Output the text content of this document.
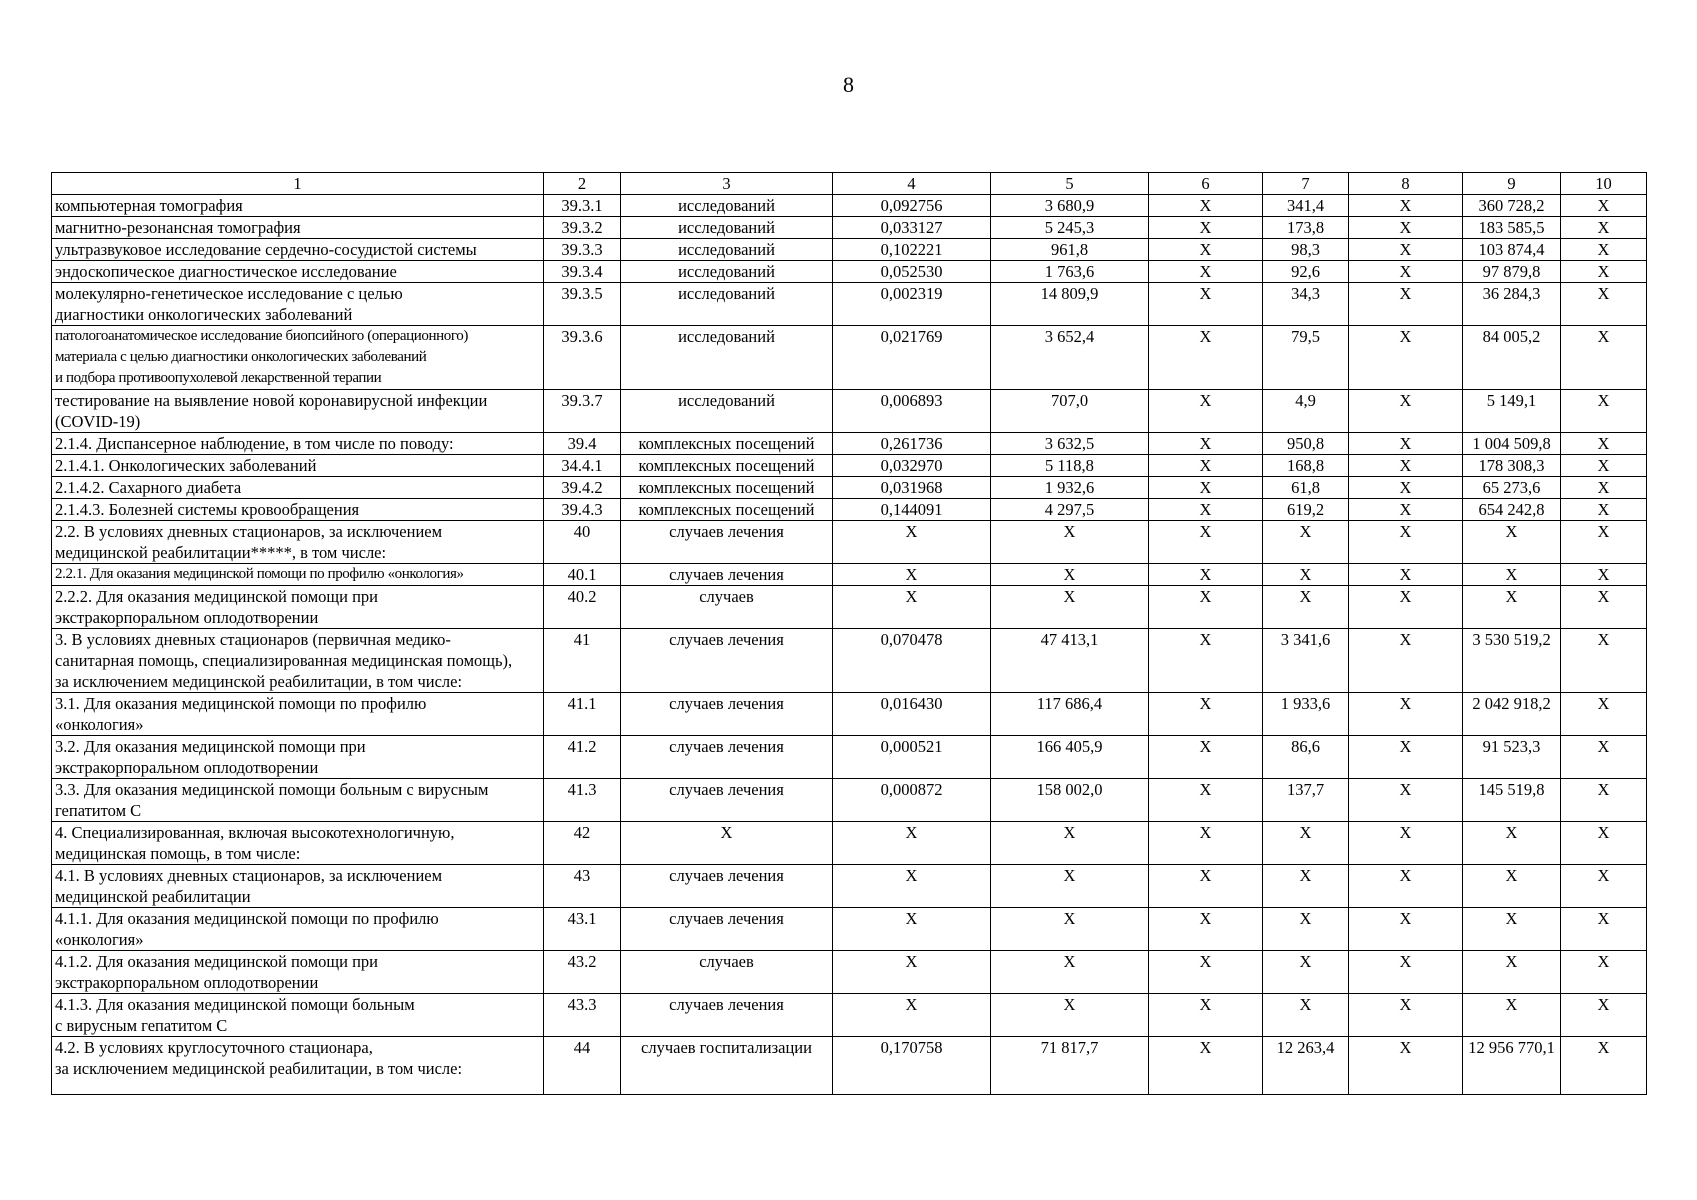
8
1	2	3	4	5	6	7	8	9	10
компьютерная томография	39.3.1	исследований	0,092756	3 680,9	Х	341,4	Х	360 728,2	Х
магнитно-резонансная томография	39.3.2	исследований	0,033127	5 245,3	Х	173,8	Х	183 585,5	Х
ультразвуковое исследование сердечно-сосудистой системы	39.3.3	исследований	0,102221	961,8	Х	98,3	Х	103 874,4	Х
эндоскопическое диагностическое исследование	39.3.4	исследований	0,052530	1 763,6	Х	92,6	Х	97 879,8	Х
молекулярно-генетическое исследование с целью
диагностики онкологических заболеваний	39.3.5	исследований	0,002319	14 809,9	Х	34,3	Х	36 284,3	Х
патологоанатомическое исследование биопсийного (операционного)
материала с целью диагностики онкологических заболеваний
и подбора противоопухолевой лекарственной терапии	39.3.6	исследований	0,021769	3 652,4	Х	79,5	Х	84 005,2	Х
тестирование на выявление новой коронавирусной инфекции
(COVID-19)	39.3.7	исследований	0,006893	707,0	Х	4,9	Х	5 149,1	Х
2.1.4. Диспансерное наблюдение, в том числе по поводу:	39.4	комплексных посещений	0,261736	3 632,5	Х	950,8	Х	1 004 509,8	Х
2.1.4.1. Онкологических заболеваний	34.4.1	комплексных посещений	0,032970	5 118,8	Х	168,8	Х	178 308,3	Х
2.1.4.2. Сахарного диабета	39.4.2	комплексных посещений	0,031968	1 932,6	Х	61,8	Х	65 273,6	Х
2.1.4.3. Болезней системы кровообращения	39.4.3	комплексных посещений	0,144091	4 297,5	Х	619,2	Х	654 242,8	Х
2.2. В условиях дневных стационаров, за исключением
медицинской реабилитации*****, в том числе:	40	случаев лечения	Х	Х	Х	Х	Х	Х	Х
2.2.1. Для оказания медицинской помощи по профилю «онкология»	40.1	случаев лечения	Х	Х	Х	Х	Х	Х	Х
2.2.2. Для оказания медицинской помощи при
экстракорпоральном оплодотворении	40.2	случаев	Х	Х	Х	Х	Х	Х	Х
3. В условиях дневных стационаров (первичная медико-
санитарная помощь, специализированная медицинская помощь),
за исключением медицинской реабилитации, в том числе:	41	случаев лечения	0,070478	47 413,1	Х	3 341,6	Х	3 530 519,2	Х
3.1. Для оказания медицинской помощи по профилю
«онкология»	41.1	случаев лечения	0,016430	117 686,4	Х	1 933,6	Х	2 042 918,2	Х
3.2. Для оказания медицинской помощи при
экстракорпоральном оплодотворении	41.2	случаев лечения	0,000521	166 405,9	Х	86,6	Х	91 523,3	Х
3.3. Для оказания медицинской помощи больным с вирусным
гепатитом С	41.3	случаев лечения	0,000872	158 002,0	Х	137,7	Х	145 519,8	Х
4. Специализированная, включая высокотехнологичную,
медицинская помощь, в том числе:	42	Х	Х	Х	Х	Х	Х	Х	Х
4.1. В условиях дневных стационаров, за исключением
медицинской реабилитации	43	случаев лечения	Х	Х	Х	Х	Х	Х	Х
4.1.1. Для оказания медицинской помощи по профилю
«онкология»	43.1	случаев лечения	Х	Х	Х	Х	Х	Х	Х
4.1.2. Для оказания медицинской помощи при
экстракорпоральном оплодотворении	43.2	случаев	Х	Х	Х	Х	Х	Х	Х
4.1.3. Для оказания медицинской помощи больным
с вирусным гепатитом С	43.3	случаев лечения	Х	Х	Х	Х	Х	Х	Х
4.2. В условиях круглосуточного стационара,
за исключением медицинской реабилитации, в том числе:	44	случаев госпитализации	0,170758	71 817,7	Х	12 263,4	Х	12 956 770,1	Х
